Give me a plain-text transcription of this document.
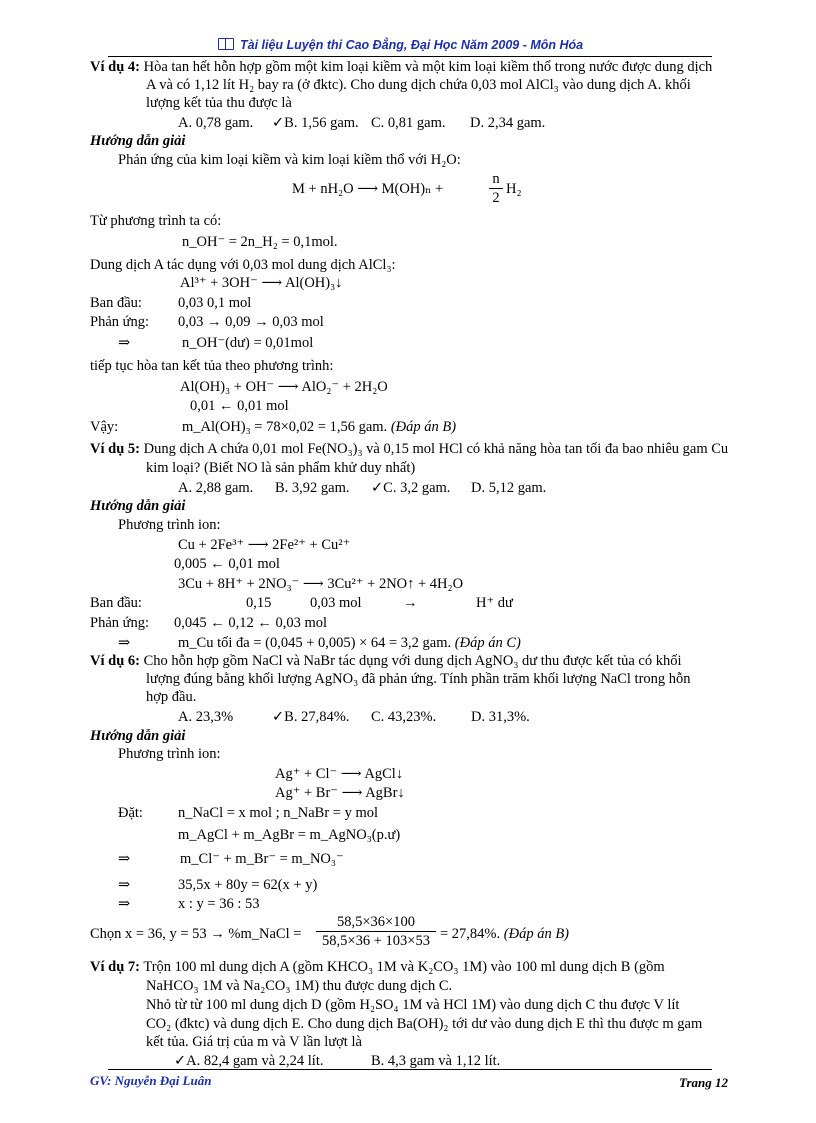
Tài liệu Luyện thi Cao Đẳng, Đại Học Năm 2009 - Môn Hóa
Ví dụ 4: Hòa tan hết hỗn hợp gồm một kim loại kiềm và một kim loại kiềm thổ trong nước được dung dịch
A và có 1,12 lít H₂ bay ra (ở đktc). Cho dung dịch chứa 0,03 mol AlCl₃ vào dung dịch A. khối
lượng kết tủa thu được là
A. 0,78 gam. ✓B. 1,56 gam. C. 0,81 gam. D. 2,34 gam.
Hướng dẫn giải
Phản ứng của kim loại kiềm và kim loại kiềm thổ với H₂O:
M + nH₂O ⟶ M(OH)ₙ +	$\frac{n}{2} H_2$
Từ phương trình ta có:
n_OH⁻ = 2n_H₂ = 0,1mol.
Dung dịch A tác dụng với 0,03 mol dung dịch AlCl₃:
Al³⁺ + 3OH⁻ ⟶ Al(OH)₃↓
Ban đầu: 0,03 0,1 mol
Phản ứng: 0,03 → 0,09 → 0,03 mol
⇒	n_OH⁻(dư) = 0,01mol
tiếp tục hòa tan kết tủa theo phương trình:
Al(OH)₃ + OH⁻ ⟶ AlO₂⁻ + 2H₂O
0,01 ← 0,01 mol
Vậy:	m_Al(OH)₃ = 78×0,02 = 1,56 gam. (Đáp án B)
Ví dụ 5: Dung dịch A chứa 0,01 mol Fe(NO₃)₃ và 0,15 mol HCl có khả năng hòa tan tối đa bao nhiêu gam Cu
kim loại? (Biết NO là sản phẩm khử duy nhất)
A. 2,88 gam. B. 3,92 gam. ✓C. 3,2 gam. D. 5,12 gam.
Hướng dẫn giải
Phương trình ion:
Cu + 2Fe³⁺ ⟶ 2Fe²⁺ + Cu²⁺
0,005 ← 0,01 mol
3Cu + 8H⁺ + 2NO₃⁻ ⟶ 3Cu²⁺ + 2NO↑ + 4H₂O
Ban đầu:	0,15	0,03 mol	→	H⁺ dư
Phản ứng: 0,045 ← 0,12 ← 0,03 mol
⇒	m_Cu tối đa = (0,045 + 0,005) × 64 = 3,2 gam. (Đáp án C)
Ví dụ 6: Cho hỗn hợp gồm NaCl và NaBr tác dụng với dung dịch AgNO₃ dư thu được kết tủa có khối
lượng đúng bằng khối lượng AgNO₃ đã phản ứng. Tính phần trăm khối lượng NaCl trong hỗn
hợp đầu.
A. 23,3%	✓B. 27,84%. C. 43,23%. D. 31,3%.
Hướng dẫn giải
Phương trình ion:
Ag⁺ + Cl⁻ ⟶ AgCl↓
Ag⁺ + Br⁻ ⟶ AgBr↓
Đặt: n_NaCl = x mol ; n_NaBr = y mol
m_AgCl + m_AgBr = m_AgNO₃(p.ư)
⇒	m_Cl⁻ + m_Br⁻ = m_NO₃⁻
⇒	35,5x + 80y = 62(x + y)
⇒	x : y = 36 : 53
Chọn x = 36, y = 53 → %m_NaCl = $\frac{58,5\times 36\times 100}{58,5\times 36 + 103\times 53} = 27,84\%$. (Đáp án B)
Ví dụ 7: Trộn 100 ml dung dịch A (gồm KHCO₃ 1M và K₂CO₃ 1M) vào 100 ml dung dịch B (gồm
NaHCO₃ 1M và Na₂CO₃ 1M) thu được dung dịch C.
Nhỏ từ từ 100 ml dung dịch D (gồm H₂SO₄ 1M và HCl 1M) vào dung dịch C thu được V lít
CO₂ (đktc) và dung dịch E. Cho dung dịch Ba(OH)₂ tới dư vào dung dịch E thì thu được m gam
kết tủa. Giá trị của m và V lần lượt là
✓A. 82,4 gam và 2,24 lít.	B. 4,3 gam và 1,12 lít.
GV: Nguyễn Đại Luân	Trang 12
